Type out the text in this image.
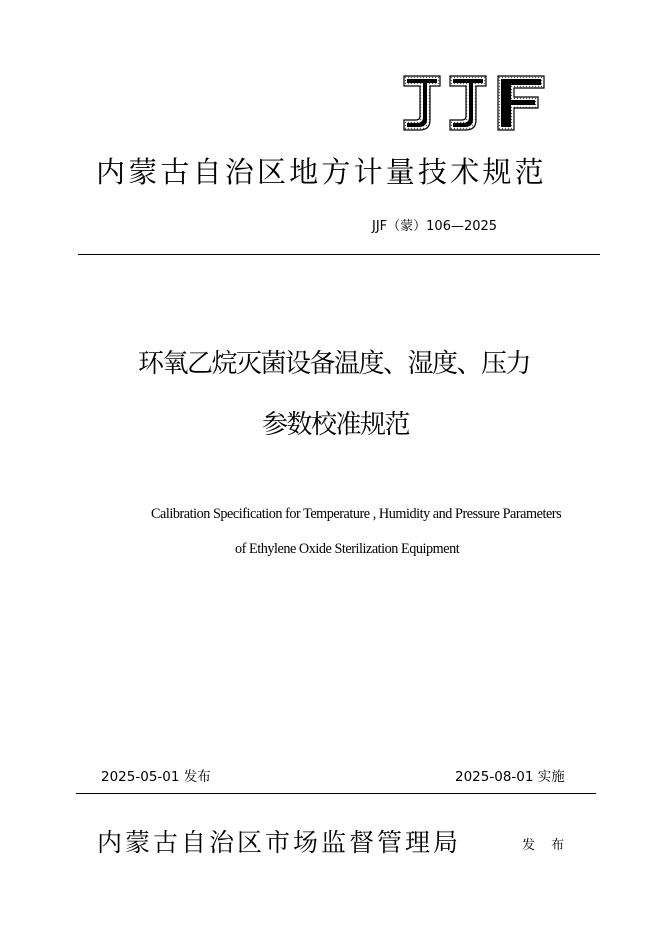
内蒙古自治区地方计量技术规范
JJF（蒙）106—2025
环氧乙烷灭菌设备温度、湿度、压力
参数校准规范
Calibration Specification for Temperature , Humidity and Pressure Parameters
of Ethylene Oxide Sterilization Equipment
2025-05-01 发布	2025-08-01 实施
内蒙古自治区市场监督管理局	发 布
